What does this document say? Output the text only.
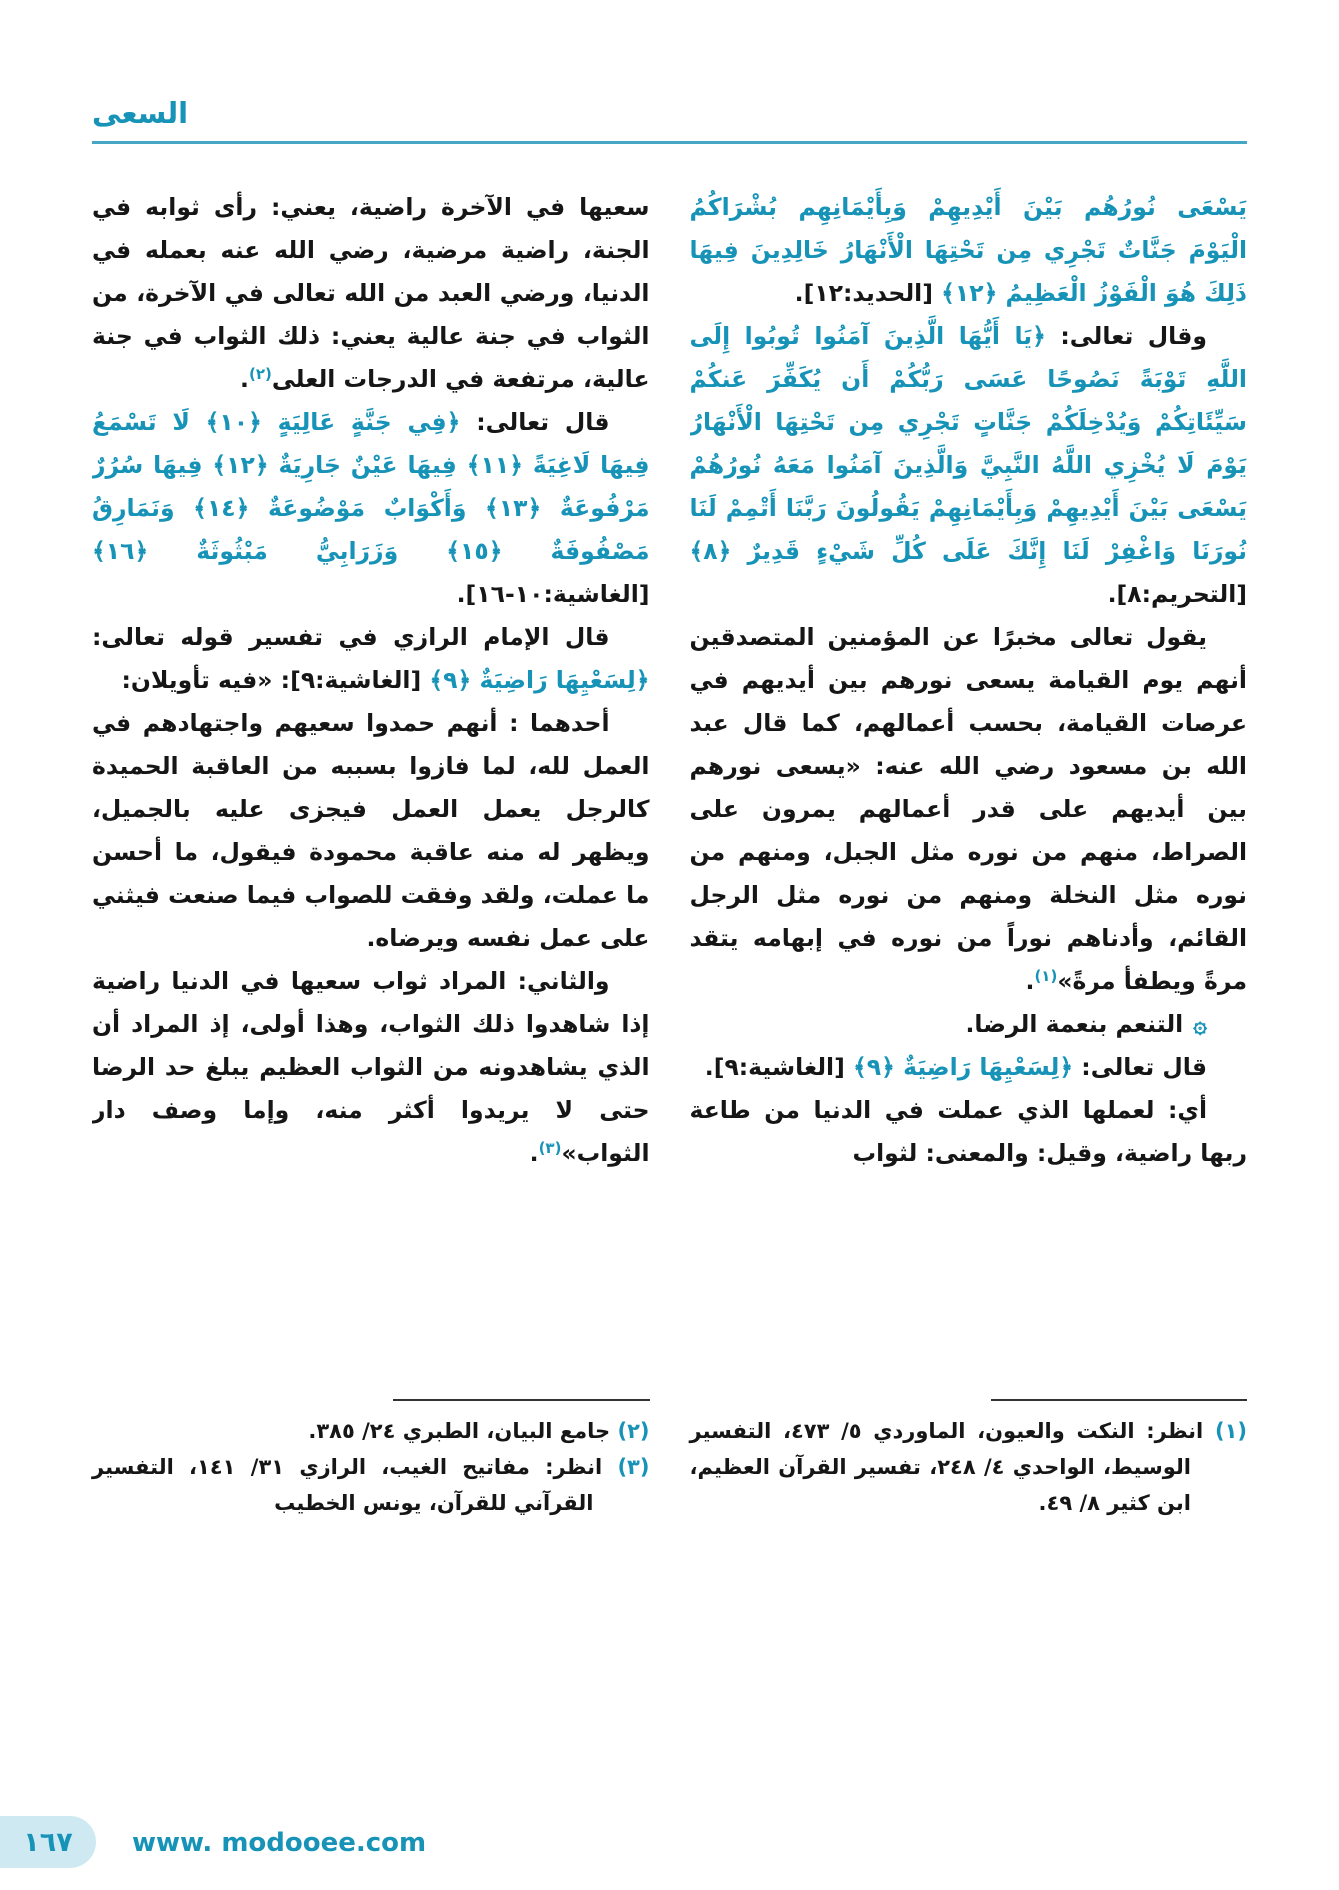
السعى

يَسْعَى نُورُهُم بَيْنَ أَيْدِيهِمْ وَبِأَيْمَانِهِم بُشْرَاكُمُ الْيَوْمَ جَنَّاتٌ تَجْرِي مِن تَحْتِهَا الْأَنْهَارُ خَالِدِينَ فِيهَا ذَلِكَ هُوَ الْفَوْزُ الْعَظِيمُ ﴿١٢﴾ [الحديد:١٢].

وقال تعالى: ﴿يَا أَيُّهَا الَّذِينَ آمَنُوا تُوبُوا إِلَى اللَّهِ تَوْبَةً نَصُوحًا عَسَى رَبُّكُمْ أَن يُكَفِّرَ عَنكُمْ سَيِّئَاتِكُمْ وَيُدْخِلَكُمْ جَنَّاتٍ تَجْرِي مِن تَحْتِهَا الْأَنْهَارُ يَوْمَ لَا يُخْزِي اللَّهُ النَّبِيَّ وَالَّذِينَ آمَنُوا مَعَهُ نُورُهُمْ يَسْعَى بَيْنَ أَيْدِيهِمْ وَبِأَيْمَانِهِمْ يَقُولُونَ رَبَّنَا أَتْمِمْ لَنَا نُورَنَا وَاغْفِرْ لَنَا إِنَّكَ عَلَى كُلِّ شَيْءٍ قَدِيرٌ ﴿٨﴾ [التحريم:٨].

يقول تعالى مخبرًا عن المؤمنين المتصدقين أنهم يوم القيامة يسعى نورهم بين أيديهم في عرصات القيامة، بحسب أعمالهم، كما قال عبد الله بن مسعود رضي الله عنه: «يسعى نورهم بين أيديهم على قدر أعمالهم يمرون على الصراط، منهم من نوره مثل الجبل، ومنهم من نوره مثل النخلة ومنهم من نوره مثل الرجل القائم، وأدناهم نوراً من نوره في إبهامه يتقد مرةً ويطفأ مرةً»$^{(١)}$.

۞التنعم بنعمة الرضا.

قال تعالى: ﴿لِسَعْيِهَا رَاضِيَةٌ ﴿٩﴾ [الغاشية:٩].

أي: لعملها الذي عملت في الدنيا من طاعة ربها راضية، وقيل: والمعنى: لثواب

(١) انظر: النكت والعيون، الماوردي ٥/ ٤٧٣، التفسير الوسيط، الواحدي ٤/ ٢٤٨، تفسير القرآن العظيم، ابن كثير ٨/ ٤٩.

سعيها في الآخرة راضية، يعني: رأى ثوابه في الجنة، راضية مرضية، رضي الله عنه بعمله في الدنيا، ورضي العبد من الله تعالى في الآخرة، من الثواب في جنة عالية يعني: ذلك الثواب في جنة عالية، مرتفعة في الدرجات العلى$^{(٢)}$.

قال تعالى: ﴿فِي جَنَّةٍ عَالِيَةٍ ﴿١٠﴾ لَا تَسْمَعُ فِيهَا لَاغِيَةً ﴿١١﴾ فِيهَا عَيْنٌ جَارِيَةٌ ﴿١٢﴾ فِيهَا سُرُرٌ مَرْفُوعَةٌ ﴿١٣﴾ وَأَكْوَابٌ مَوْضُوعَةٌ ﴿١٤﴾ وَنَمَارِقُ مَصْفُوفَةٌ ﴿١٥﴾ وَزَرَابِيُّ مَبْثُوثَةٌ ﴿١٦﴾ [الغاشية:١٠-١٦].

قال الإمام الرازي في تفسير قوله تعالى: ﴿لِسَعْيِهَا رَاضِيَةٌ ﴿٩﴾ [الغاشية:٩]: «فيه تأويلان:

أحدهما : أنهم حمدوا سعيهم واجتهادهم في العمل لله، لما فازوا بسببه من العاقبة الحميدة كالرجل يعمل العمل فيجزى عليه بالجميل، ويظهر له منه عاقبة محمودة فيقول، ما أحسن ما عملت، ولقد وفقت للصواب فيما صنعت فيثني على عمل نفسه ويرضاه.

والثاني: المراد ثواب سعيها في الدنيا راضية إذا شاهدوا ذلك الثواب، وهذا أولى، إذ المراد أن الذي يشاهدونه من الثواب العظيم يبلغ حد الرضا حتى لا يريدوا أكثر منه، وإما وصف دار الثواب»$^{(٣)}$.

(٢) جامع البيان، الطبري ٢٤/ ٣٨٥.

(٣) انظر: مفاتيح الغيب، الرازي ٣١/ ١٤١، التفسير القرآني للقرآن، يونس الخطيب

١٦٧ www. modooee.com
